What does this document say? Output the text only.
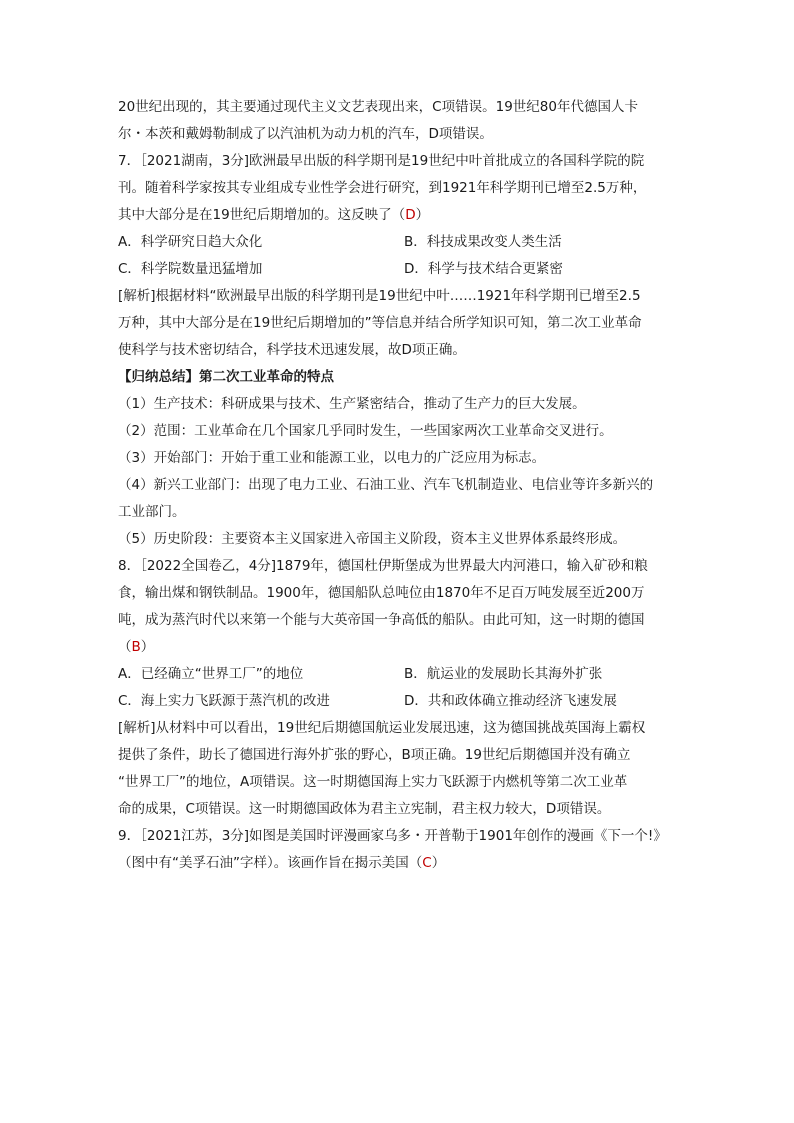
20世纪出现的，其主要通过现代主义文艺表现出来，C项错误。19世纪80年代德国人卡
尔・本茨和戴姆勒制成了以汽油机为动力机的汽车，D项错误。
7．［2021湖南，3分]欧洲最早出版的科学期刊是19世纪中叶首批成立的各国科学院的院
刊。随着科学家按其专业组成专业性学会进行研究，到1921年科学期刊已增至2.5万种，
其中大部分是在19世纪后期增加的。这反映了（D）
A．科学研究日趋大众化	B．科技成果改变人类生活
C．科学院数量迅猛增加	D．科学与技术结合更紧密
[解析]根据材料“欧洲最早出版的科学期刊是19世纪中叶……1921年科学期刊已增至2.5
万种，其中大部分是在19世纪后期增加的”等信息并结合所学知识可知，第二次工业革命
使科学与技术密切结合，科学技术迅速发展，故D项正确。
【归纳总结】第二次工业革命的特点
（1）生产技术：科研成果与技术、生产紧密结合，推动了生产力的巨大发展。
（2）范围：工业革命在几个国家几乎同时发生，一些国家两次工业革命交叉进行。
（3）开始部门：开始于重工业和能源工业，以电力的广泛应用为标志。
（4）新兴工业部门：出现了电力工业、石油工业、汽车飞机制造业、电信业等许多新兴的
工业部门。
（5）历史阶段：主要资本主义国家进入帝国主义阶段，资本主义世界体系最终形成。
8．［2022全国卷乙，4分]1879年，德国杜伊斯堡成为世界最大内河港口，输入矿砂和粮
食，输出煤和钢铁制品。1900年，德国船队总吨位由1870年不足百万吨发展至近200万
吨，成为蒸汽时代以来第一个能与大英帝国一争高低的船队。由此可知，这一时期的德国
（B）
A．已经确立“世界工厂”的地位	B．航运业的发展助长其海外扩张
C．海上实力飞跃源于蒸汽机的改进	D．共和政体确立推动经济飞速发展
[解析]从材料中可以看出，19世纪后期德国航运业发展迅速，这为德国挑战英国海上霸权
提供了条件，助长了德国进行海外扩张的野心，B项正确。19世纪后期德国并没有确立
“世界工厂”的地位，A项错误。这一时期德国海上实力飞跃源于内燃机等第二次工业革
命的成果，C项错误。这一时期德国政体为君主立宪制，君主权力较大，D项错误。
9．［2021江苏，3分]如图是美国时评漫画家乌多・开普勒于1901年创作的漫画《下一个!》
（图中有“美孚石油”字样）。该画作旨在揭示美国（C）
